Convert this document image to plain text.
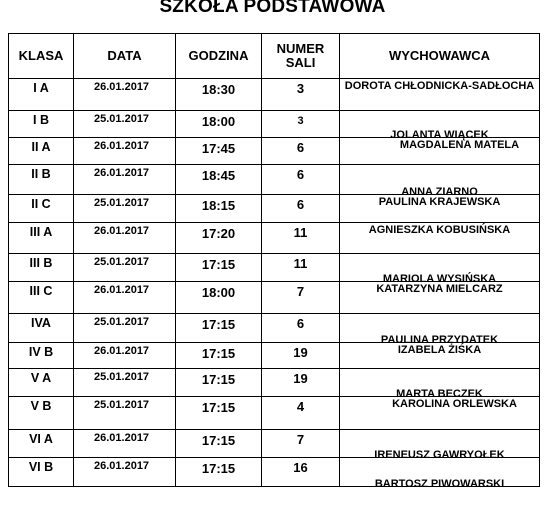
SZKOŁA PODSTAWOWA
KLASA	DATA	GODZINA	NUMER SALI	WYCHOWAWCA
I A	26.01.2017	18:30	3	DOROTA CHŁODNICKA-SADŁOCHA
I B	25.01.2017	18:00	3	JOLANTA WIĄCEK
II A	26.01.2017	17:45	6	MAGDALENA MATELA
II B	26.01.2017	18:45	6	ANNA ZIARNO
II C	25.01.2017	18:15	6	PAULINA KRAJEWSKA
III A	26.01.2017	17:20	11	AGNIESZKA KOBUSIŃSKA
III B	25.01.2017	17:15	11	MARIOLA WYSIŃSKA
III C	26.01.2017	18:00	7	KATARZYNA MIELCARZ
IVA	25.01.2017	17:15	6	PAULINA PRZYDATEK
IV B	26.01.2017	17:15	19	IZABELA ŻIŚKA
V A	25.01.2017	17:15	19	MARTA BECZEK
V B	25.01.2017	17:15	4	KAROLINA ORLEWSKA
VI A	26.01.2017	17:15	7	IRENEUSZ GAWRYOŁEK
VI B	26.01.2017	17:15	16	BARTOSZ PIWOWARSKI
